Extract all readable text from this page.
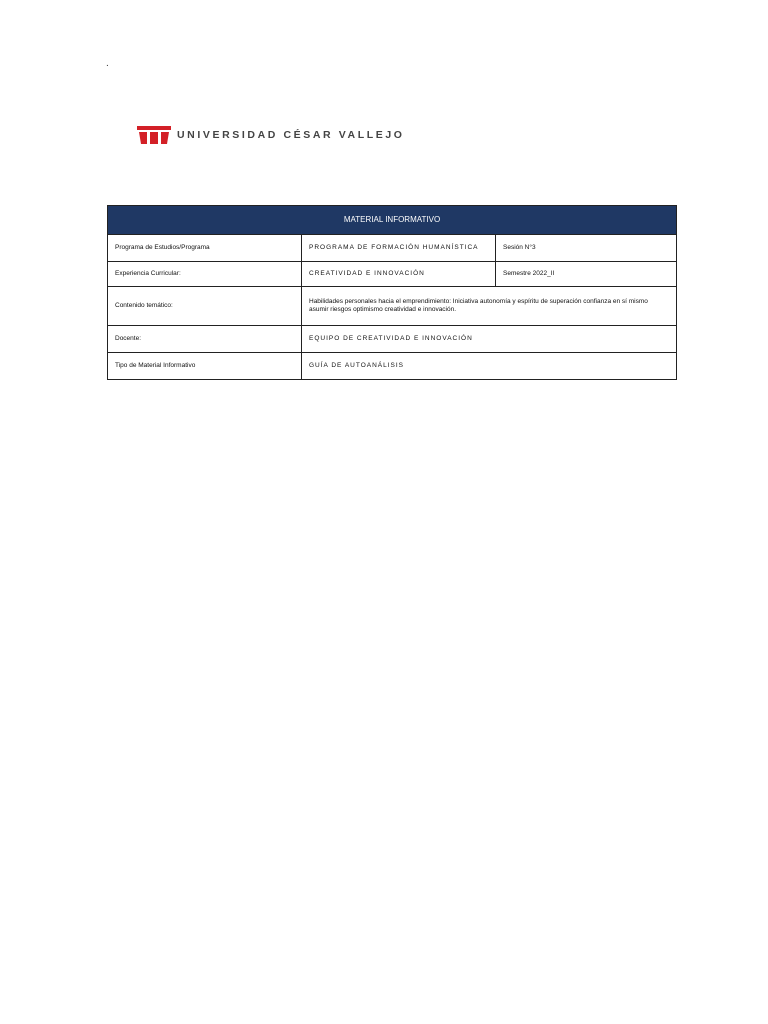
.
UNIVERSIDAD CÉSAR VALLEJO
MATERIAL INFORMATIVO		
Programa de Estudios/Programa	PROGRAMA DE FORMACIÓN HUMANÍSTICA	Sesión N°3
Experiencia Curricular:	CREATIVIDAD E INNOVACIÓN	Semestre 2022_II
Contenido temático:	Habilidades personales hacia el emprendimiento: Iniciativa autonomía y espíritu de superación confianza en sí mismo asumir riesgos optimismo creatividad e innovación.	
Docente:	EQUIPO DE CREATIVIDAD E INNOVACIÓN	
Tipo de Material Informativo	GUÍA DE AUTOANÁLISIS	
